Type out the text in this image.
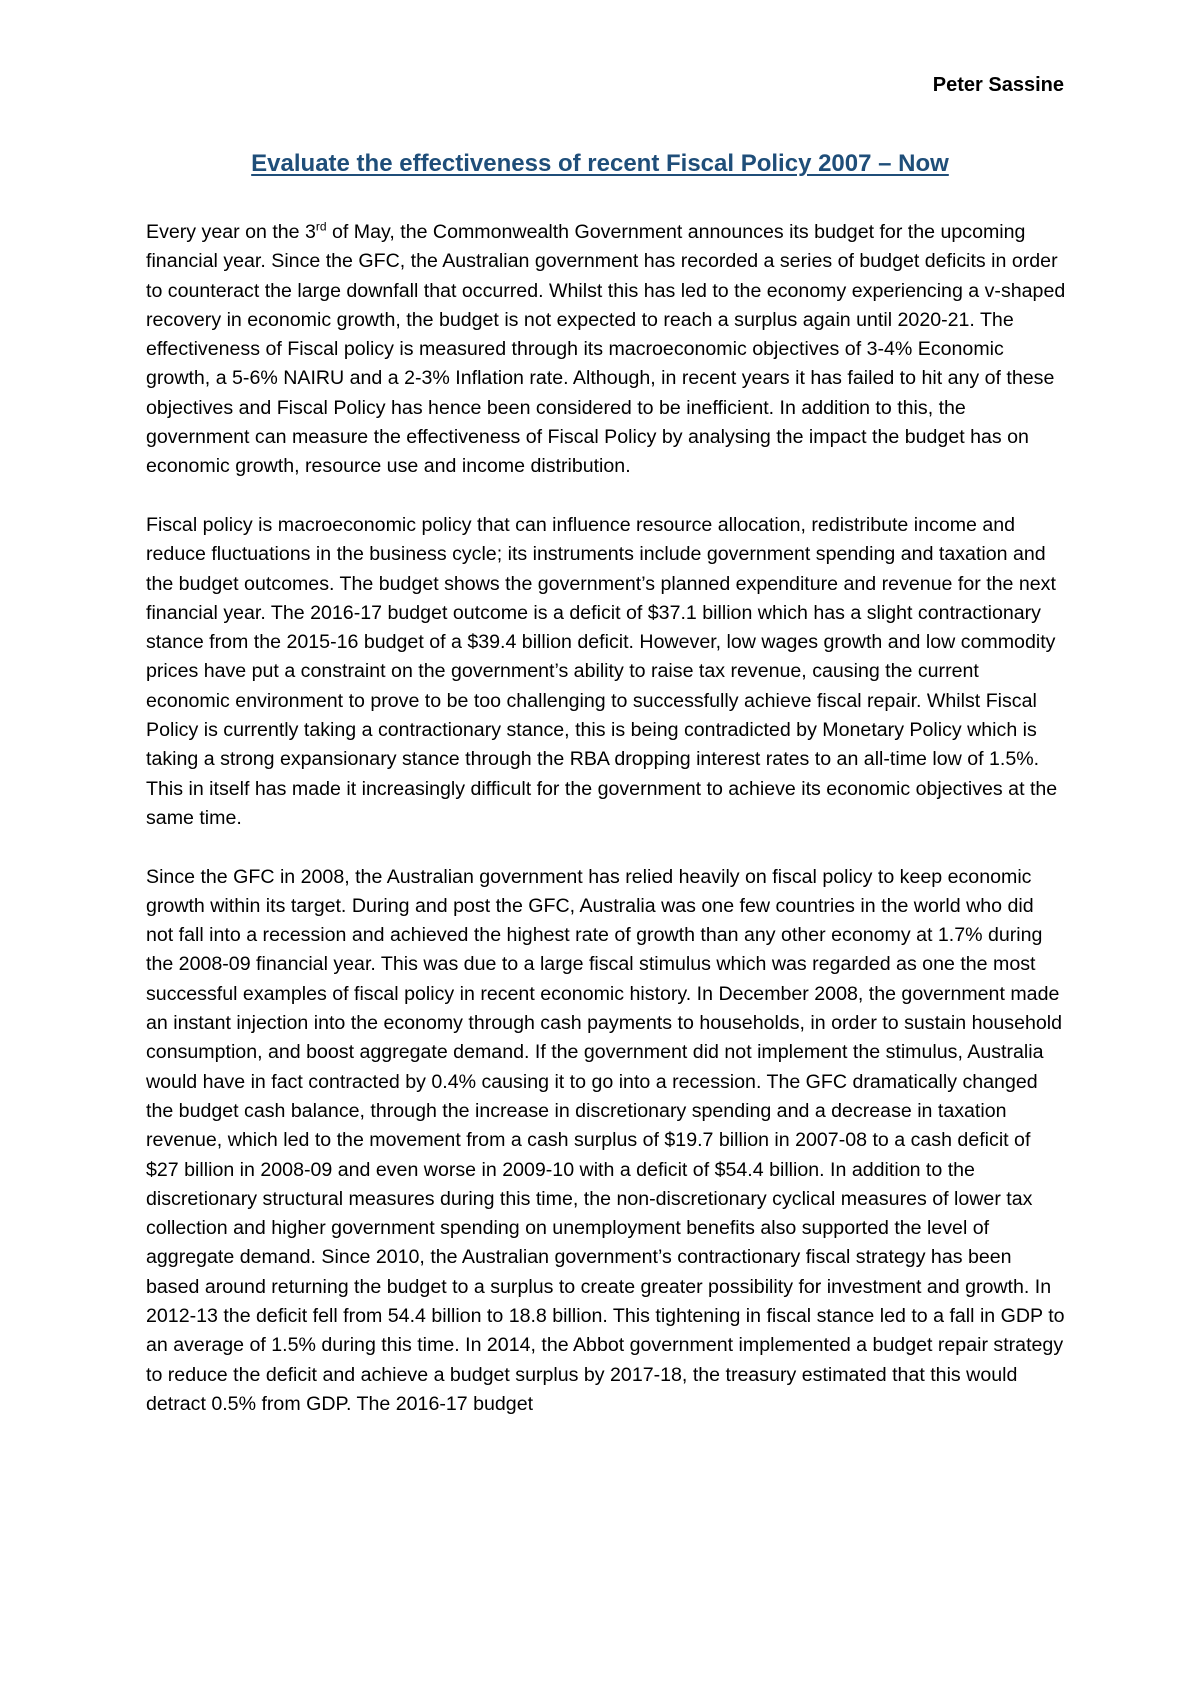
Peter Sassine
Evaluate the effectiveness of recent Fiscal Policy 2007 – Now

Every year on the 3rd of May, the Commonwealth Government announces its budget for the upcoming financial year. Since the GFC, the Australian government has recorded a series of budget deficits in order to counteract the large downfall that occurred. Whilst this has led to the economy experiencing a v-shaped recovery in economic growth, the budget is not expected to reach a surplus again until 2020-21. The effectiveness of Fiscal policy is measured through its macroeconomic objectives of 3-4% Economic growth, a 5-6% NAIRU and a 2-3% Inflation rate. Although, in recent years it has failed to hit any of these objectives and Fiscal Policy has hence been considered to be inefficient. In addition to this, the government can measure the effectiveness of Fiscal Policy by analysing the impact the budget has on economic growth, resource use and income distribution.

Fiscal policy is macroeconomic policy that can influence resource allocation, redistribute income and reduce fluctuations in the business cycle; its instruments include government spending and taxation and the budget outcomes. The budget shows the government’s planned expenditure and revenue for the next financial year. The 2016-17 budget outcome is a deficit of $37.1 billion which has a slight contractionary stance from the 2015-16 budget of a $39.4 billion deficit. However, low wages growth and low commodity prices have put a constraint on the government’s ability to raise tax revenue, causing the current economic environment to prove to be too challenging to successfully achieve fiscal repair. Whilst Fiscal Policy is currently taking a contractionary stance, this is being contradicted by Monetary Policy which is taking a strong expansionary stance through the RBA dropping interest rates to an all-time low of 1.5%. This in itself has made it increasingly difficult for the government to achieve its economic objectives at the same time.

Since the GFC in 2008, the Australian government has relied heavily on fiscal policy to keep economic growth within its target. During and post the GFC, Australia was one few countries in the world who did not fall into a recession and achieved the highest rate of growth than any other economy at 1.7% during the 2008-09 financial year. This was due to a large fiscal stimulus which was regarded as one the most successful examples of fiscal policy in recent economic history. In December 2008, the government made an instant injection into the economy through cash payments to households, in order to sustain household consumption, and boost aggregate demand. If the government did not implement the stimulus, Australia would have in fact contracted by 0.4% causing it to go into a recession. The GFC dramatically changed the budget cash balance, through the increase in discretionary spending and a decrease in taxation revenue, which led to the movement from a cash surplus of $19.7 billion in 2007-08 to a cash deficit of $27 billion in 2008-09 and even worse in 2009-10 with a deficit of $54.4 billion. In addition to the discretionary structural measures during this time, the non-discretionary cyclical measures of lower tax collection and higher government spending on unemployment benefits also supported the level of aggregate demand. Since 2010, the Australian government’s contractionary fiscal strategy has been based around returning the budget to a surplus to create greater possibility for investment and growth. In 2012-13 the deficit fell from 54.4 billion to 18.8 billion. This tightening in fiscal stance led to a fall in GDP to an average of 1.5% during this time. In 2014, the Abbot government implemented a budget repair strategy to reduce the deficit and achieve a budget surplus by 2017-18, the treasury estimated that this would detract 0.5% from GDP. The 2016-17 budget
